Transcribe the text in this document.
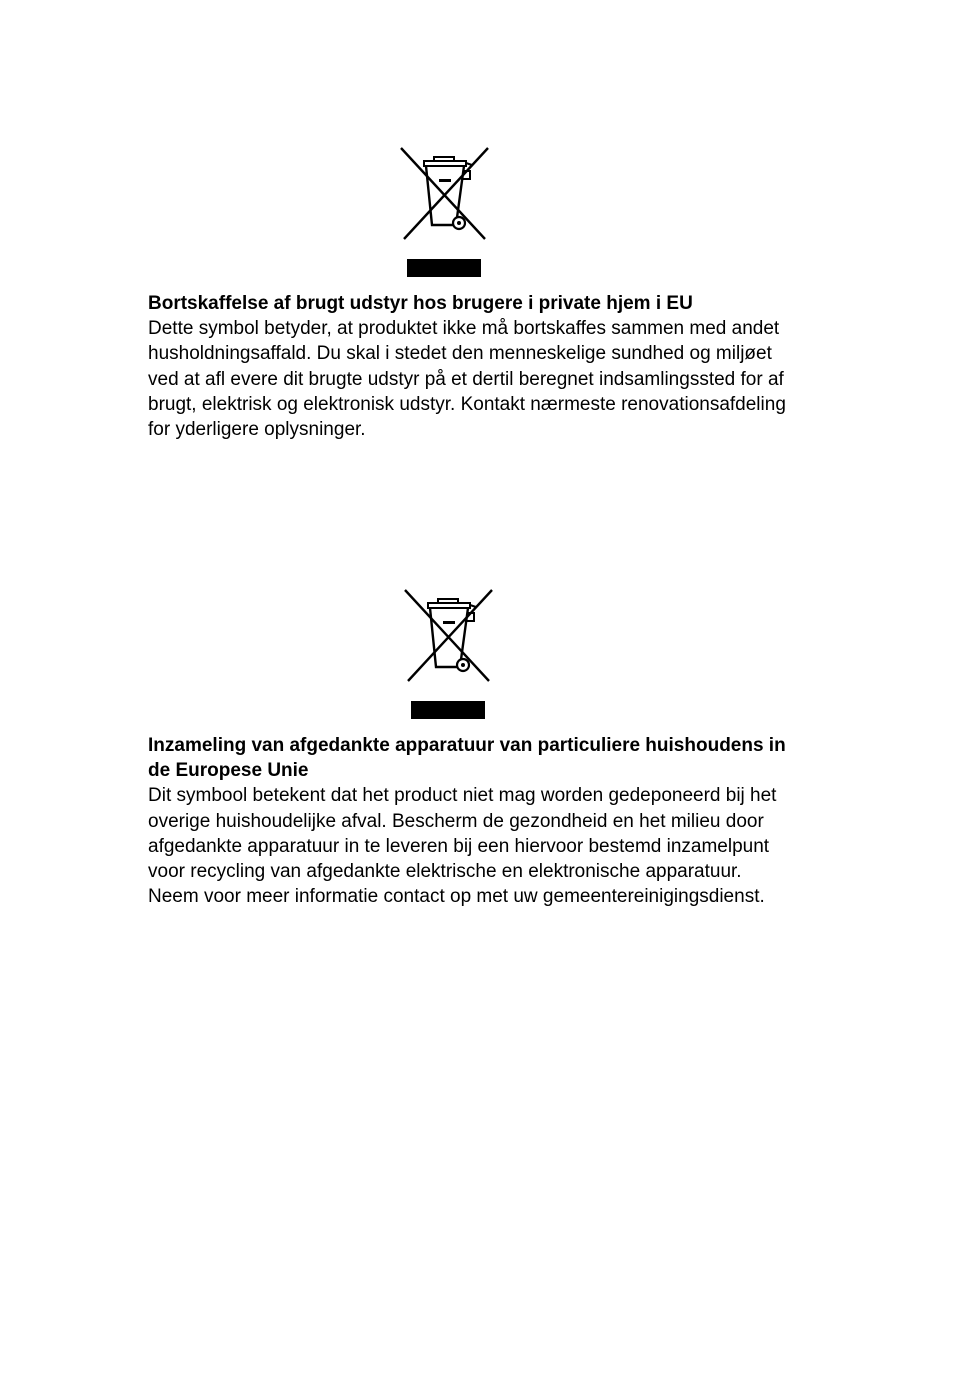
Bortskaffelse af brugt udstyr hos brugere i private hjem i EU

Dette symbol betyder, at produktet ikke må bortskaffes sammen med andet husholdningsaffald. Du skal i stedet den menneskelige sundhed og miljøet ved at afl evere dit brugte udstyr på et dertil beregnet indsamlingssted for af brugt, elektrisk og elektronisk udstyr. Kontakt nærmeste renovationsafdeling for yderligere oplysninger.

Inzameling van afgedankte apparatuur van particuliere huishoudens in de Europese Unie

Dit symbool betekent dat het product niet mag worden gedeponeerd bij het overige huishoudelijke afval. Bescherm de gezondheid en het milieu door afgedankte apparatuur in te leveren bij een hiervoor bestemd inzamelpunt voor recycling van afgedankte elektrische en elektronische apparatuur. Neem voor meer informatie contact op met uw gemeentereinigingsdienst.
